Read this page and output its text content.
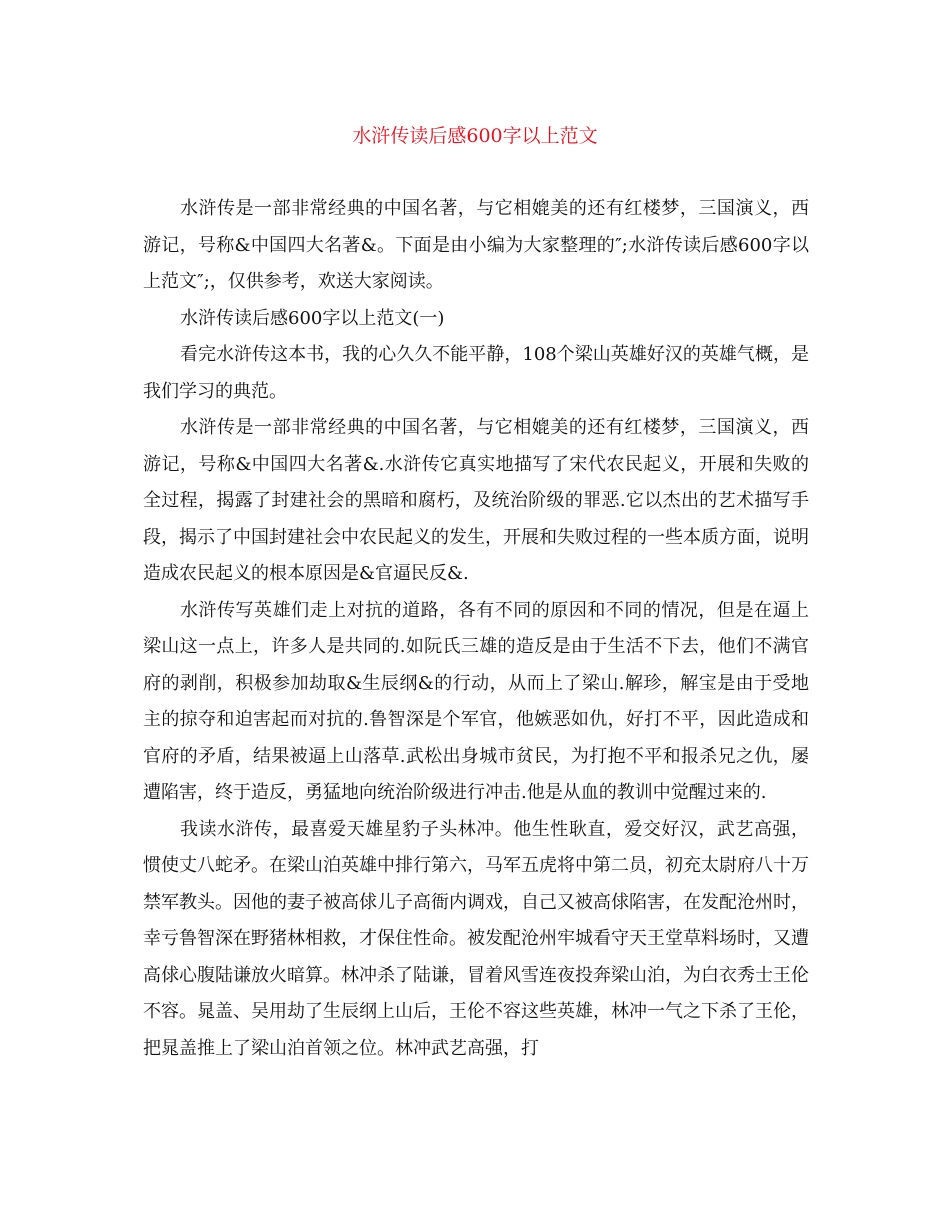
水浒传读后感600字以上范文

水浒传是一部非常经典的中国名著，与它相媲美的还有红楼梦，三国演义，西游记，号称&中国四大名著&。下面是由小编为大家整理的″;水浒传读后感600字以上范文″;，仅供参考，欢送大家阅读。

水浒传读后感600字以上范文(一)

看完水浒传这本书，我的心久久不能平静，108个梁山英雄好汉的英雄气概，是我们学习的典范。

水浒传是一部非常经典的中国名著，与它相媲美的还有红楼梦，三国演义，西游记，号称&中国四大名著&.水浒传它真实地描写了宋代农民起义，开展和失败的全过程，揭露了封建社会的黑暗和腐朽，及统治阶级的罪恶.它以杰出的艺术描写手段，揭示了中国封建社会中农民起义的发生，开展和失败过程的一些本质方面，说明造成农民起义的根本原因是&官逼民反&.

水浒传写英雄们走上对抗的道路，各有不同的原因和不同的情况，但是在逼上梁山这一点上，许多人是共同的.如阮氏三雄的造反是由于生活不下去，他们不满官府的剥削，积极参加劫取&生辰纲&的行动，从而上了梁山.解珍，解宝是由于受地主的掠夺和迫害起而对抗的.鲁智深是个军官，他嫉恶如仇，好打不平，因此造成和官府的矛盾，结果被逼上山落草.武松出身城市贫民，为打抱不平和报杀兄之仇，屡遭陷害，终于造反，勇猛地向统治阶级进行冲击.他是从血的教训中觉醒过来的.

我读水浒传，最喜爱天雄星豹子头林冲。他生性耿直，爱交好汉，武艺高强，惯使丈八蛇矛。在梁山泊英雄中排行第六，马军五虎将中第二员，初充太尉府八十万禁军教头。因他的妻子被高俅儿子高衙内调戏，自己又被高俅陷害，在发配沧州时，幸亏鲁智深在野猪林相救，才保住性命。被发配沧州牢城看守天王堂草料场时，又遭高俅心腹陆谦放火暗算。林冲杀了陆谦，冒着风雪连夜投奔梁山泊，为白衣秀士王伦不容。晁盖、吴用劫了生辰纲上山后，王伦不容这些英雄，林冲一气之下杀了王伦，把晁盖推上了梁山泊首领之位。林冲武艺高强，打
